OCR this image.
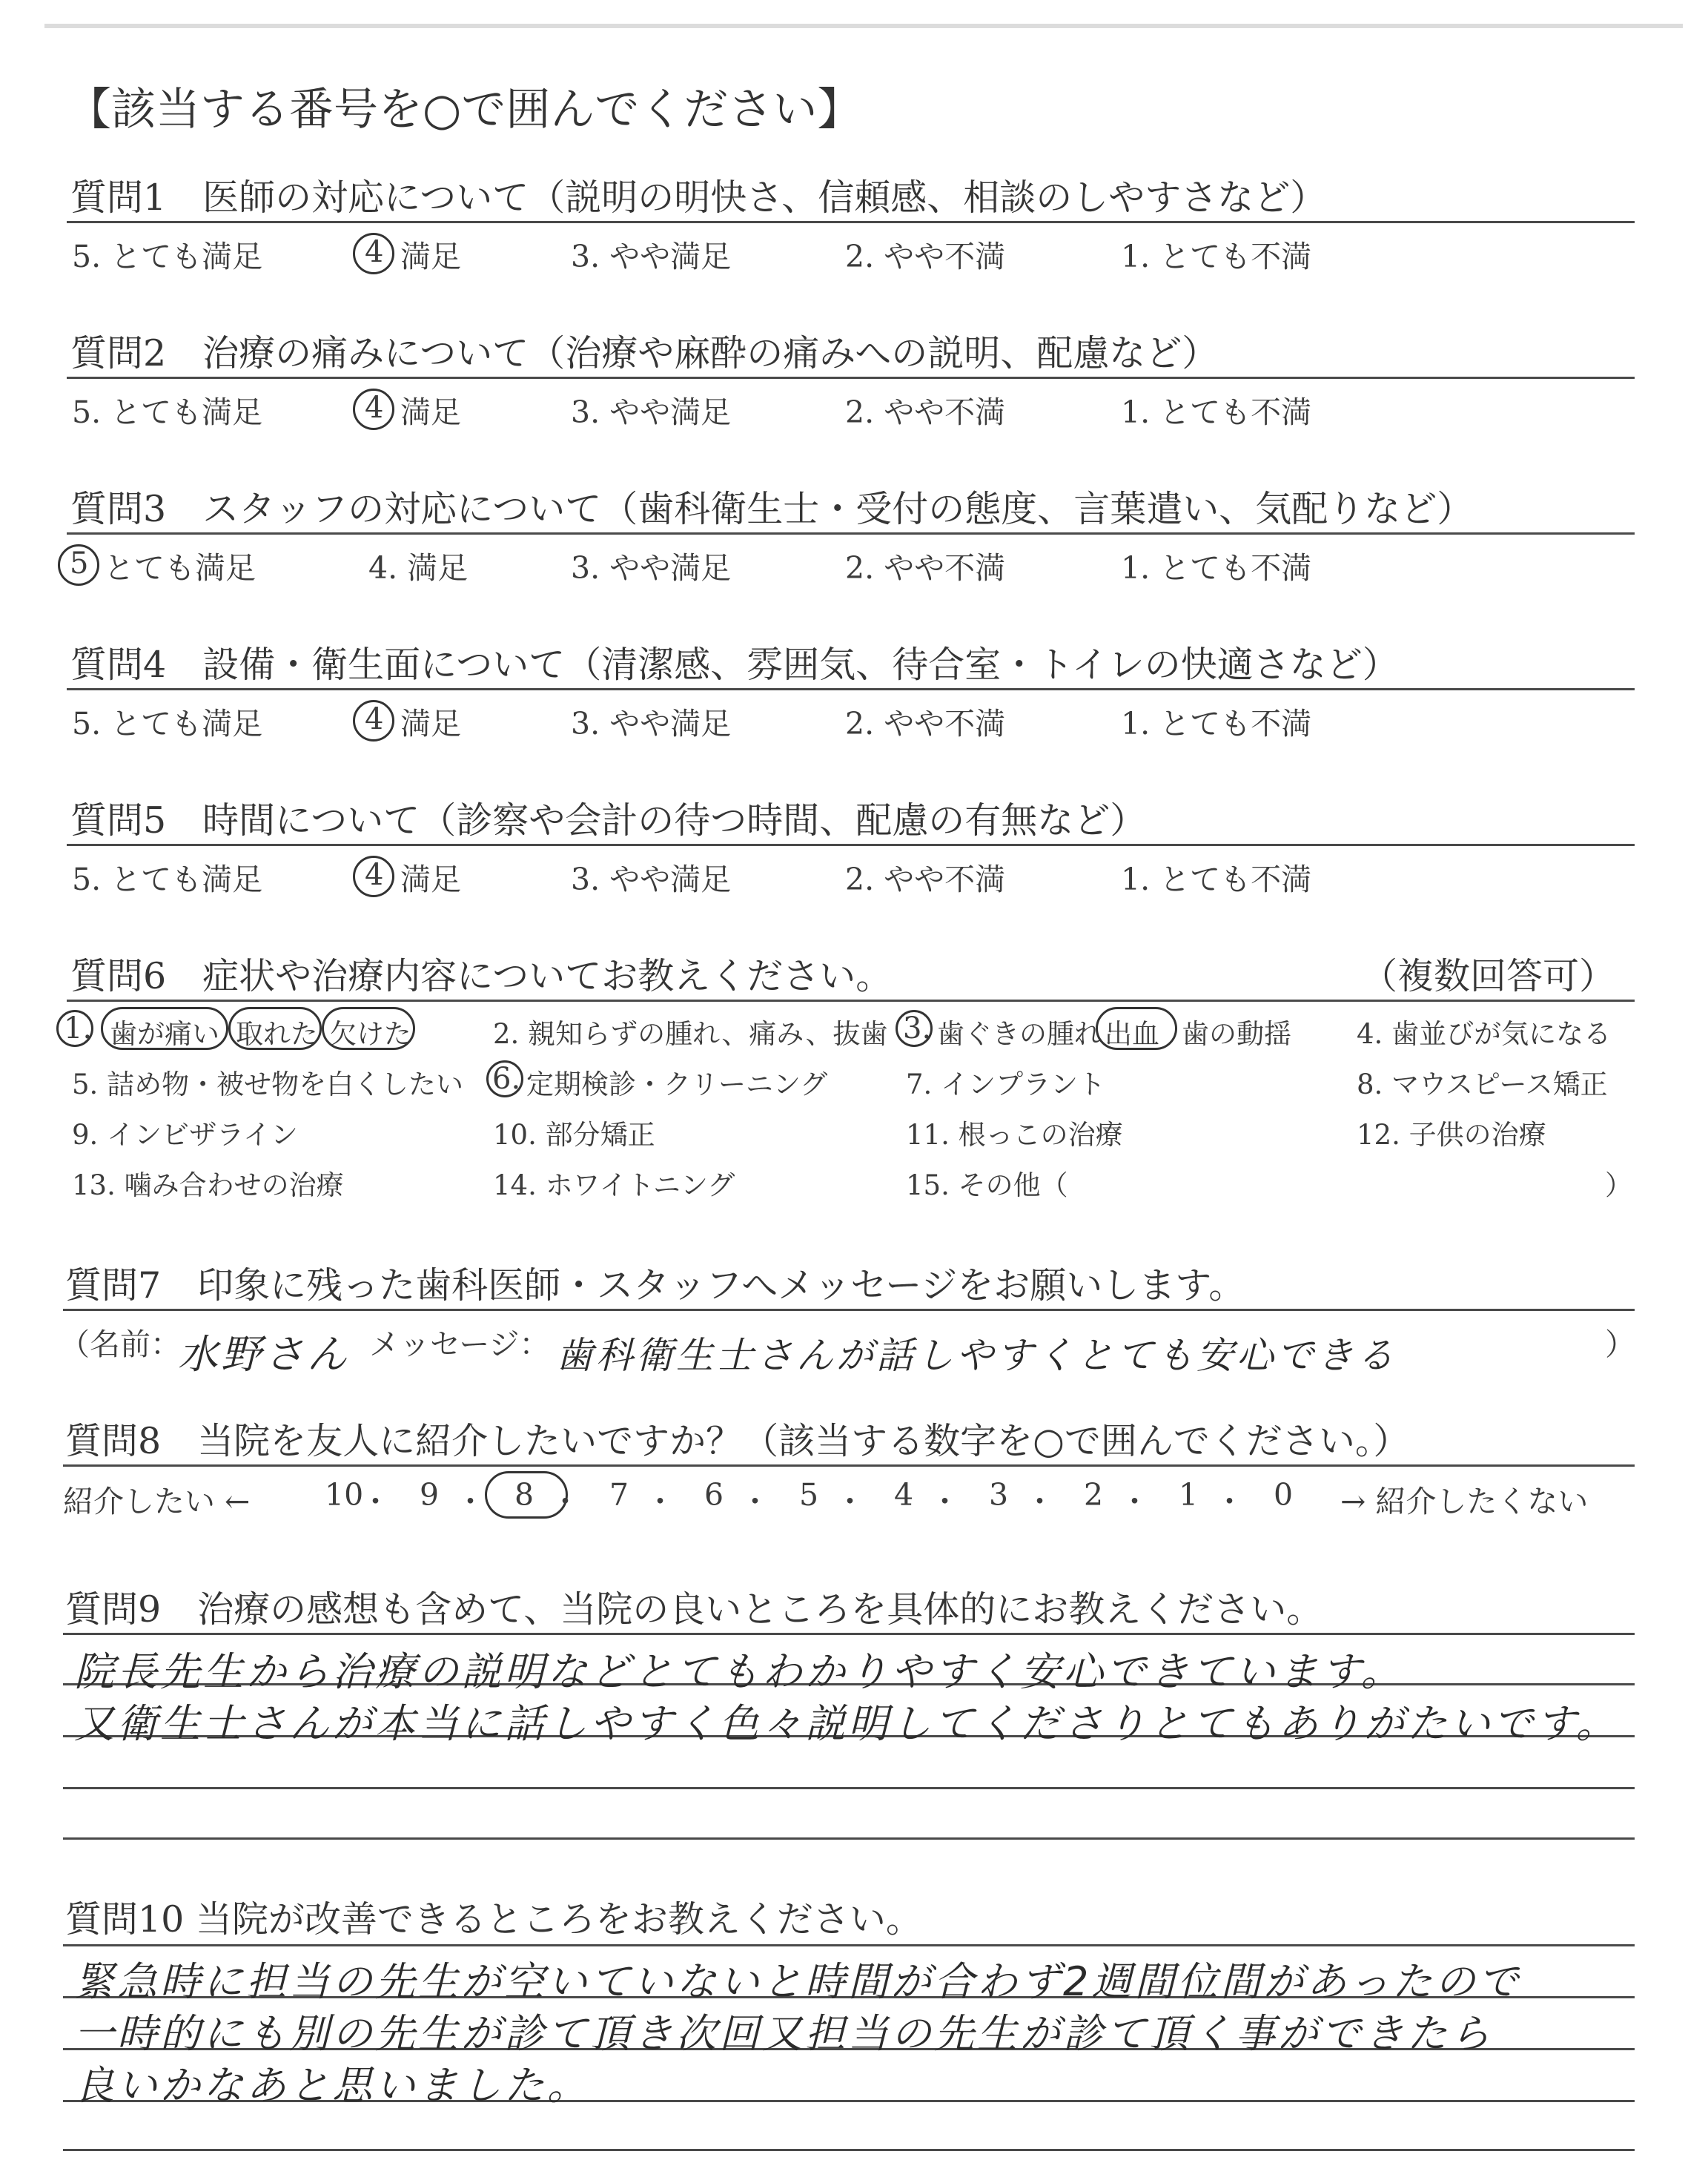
【該当する番号を○で囲んでください】
質問1　医師の対応について（説明の明快さ、信頼感、相談のしやすさなど）
5. とても満足	4 満足	3. やや満足	2. やや不満	1. とても不満
質問2　治療の痛みについて（治療や麻酔の痛みへの説明、配慮など）
5. とても満足	4 満足	3. やや満足	2. やや不満	1. とても不満
質問3　スタッフの対応について（歯科衛生士・受付の態度、言葉遣い、気配りなど）
5 とても満足	4. 満足	3. やや満足	2. やや不満	1. とても不満
質問4　設備・衛生面について（清潔感、雰囲気、待合室・トイレの快適さなど）
5. とても満足	4 満足	3. やや満足	2. やや不満	1. とても不満
質問5　時間について（診察や会計の待つ時間、配慮の有無など）
5. とても満足	4 満足	3. やや満足	2. やや不満	1. とても不満
質問6　症状や治療内容についてお教えください。	（複数回答可）
1. 歯が痛い 取れた 欠けた	2. 親知らずの腫れ、痛み、抜歯 3. 歯ぐきの腫れ 出血 歯の動揺 4. 歯並びが気になる
5. 詰め物・被せ物を白くしたい 6. 定期検診・クリーニング	7. インプラント	8. マウスピース矯正
9. インビザライン	10. 部分矯正	11. 根っこの治療	12. 子供の治療
13. 噛み合わせの治療	14. ホワイトニング	15. その他（	）
質問7　印象に残った歯科医師・スタッフへメッセージをお願いします。
（名前：
水野さん メッセージ： 歯科衛生士さんが話しやすくとても安心できる	）
質問8　当院を友人に紹介したいですか？（該当する数字を○で囲んでください。）
紹介したい ← 10
・ 9 ・ 8 ・ 7 ・ 6 ・ 5 ・ 4 ・ 3 ・ 2 ・ 1 ・ 0 → 紹介したくない
質問9　治療の感想も含めて、当院の良いところを具体的にお教えください。
院長先生から治療の説明などとてもわかりやすく安心できています。
又衛生士さんが本当に話しやすく色々説明してくださりとてもありがたいです。
質問10 当院が改善できるところをお教えください。
緊急時に担当の先生が空いていないと時間が合わず2週間位間があったので
一時的にも別の先生が診て頂き次回又担当の先生が診て頂く事ができたら
良いかなあと思いました。
